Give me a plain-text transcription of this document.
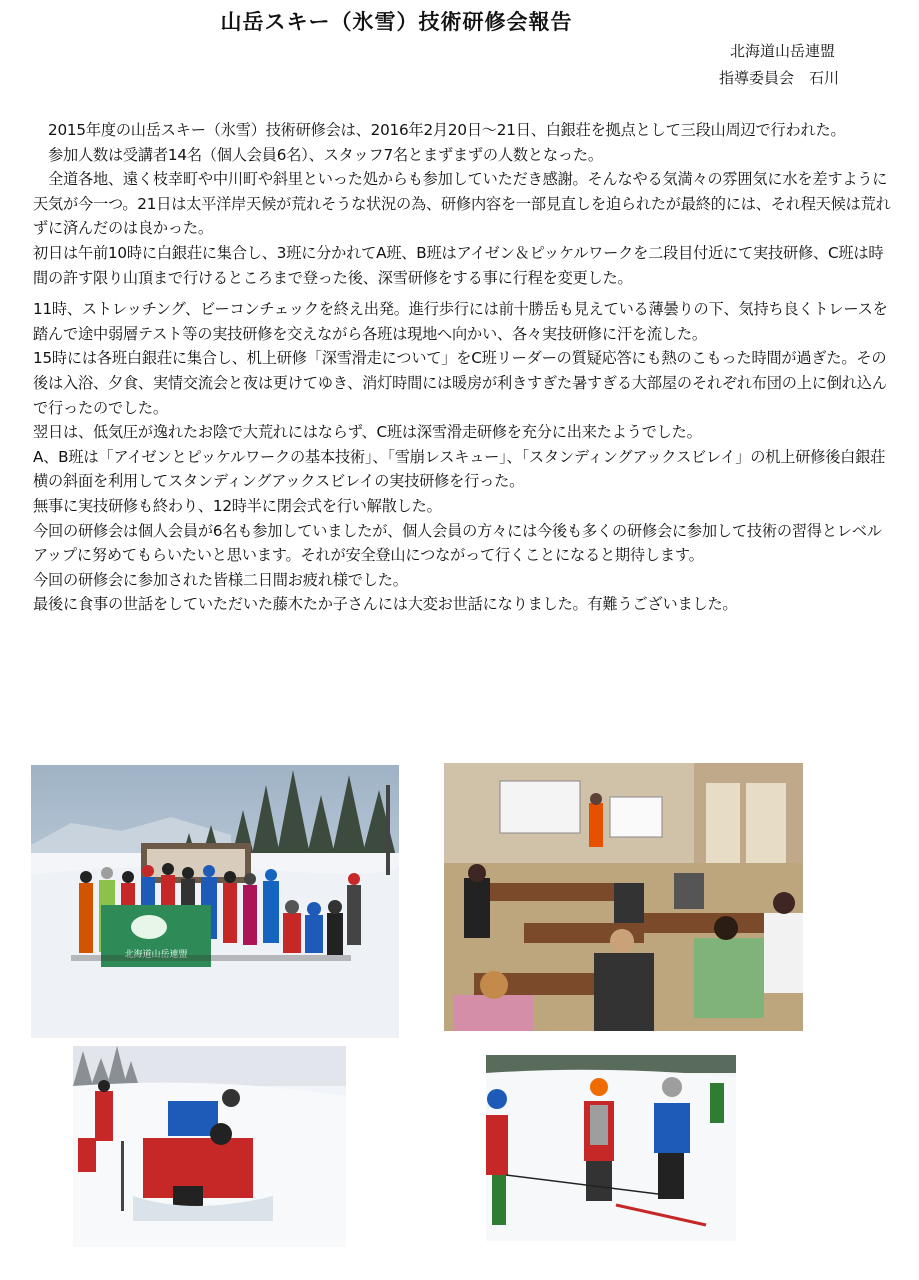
山岳スキー（氷雪）技術研修会報告
北海道山岳連盟
指導委員会　石川

　2015年度の山岳スキー（氷雪）技術研修会は、2016年2月20日～21日、白銀荘を拠点として三段山周辺で行われた。

　参加人数は受講者14名（個人会員6名）、スタッフ7名とまずまずの人数となった。

　全道各地、遠く枝幸町や中川町や斜里といった処からも参加していただき感謝。そんなやる気満々の雰囲気に水を差すように天気が今一つ。21日は太平洋岸天候が荒れそうな状況の為、研修内容を一部見直しを迫られたが最終的には、それ程天候は荒れずに済んだのは良かった。

初日は午前10時に白銀荘に集合し、3班に分かれてA班、B班はアイゼン＆ピッケルワークを二段目付近にて実技研修、C班は時間の許す限り山頂まで行けるところまで登った後、深雪研修をする事に行程を変更した。

11時、ストレッチング、ビーコンチェックを終え出発。進行歩行には前十勝岳も見えている薄曇りの下、気持ち良くトレースを踏んで途中弱層テスト等の実技研修を交えながら各班は現地へ向かい、各々実技研修に汗を流した。

15時には各班白銀荘に集合し、机上研修「深雪滑走について」をC班リーダーの質疑応答にも熱のこもった時間が過ぎた。その後は入浴、夕食、実情交流会と夜は更けてゆき、消灯時間には暖房が利きすぎた暑すぎる大部屋のそれぞれ布団の上に倒れ込んで行ったのでした。

翌日は、低気圧が逸れたお陰で大荒れにはならず、C班は深雪滑走研修を充分に出来たようでした。

A、B班は「アイゼンとピッケルワークの基本技術」、「雪崩レスキュー」、「スタンディングアックスビレイ」の机上研修後白銀荘横の斜面を利用してスタンディングアックスビレイの実技研修を行った。

無事に実技研修も終わり、12時半に閉会式を行い解散した。

今回の研修会は個人会員が6名も参加していましたが、個人会員の方々には今後も多くの研修会に参加して技術の習得とレベルアップに努めてもらいたいと思います。それが安全登山につながって行くことになると期待します。

今回の研修会に参加された皆様二日間お疲れ様でした。

最後に食事の世話をしていただいた藤木たか子さんには大変お世話になりました。有難うございました。

北海道山岳連盟
